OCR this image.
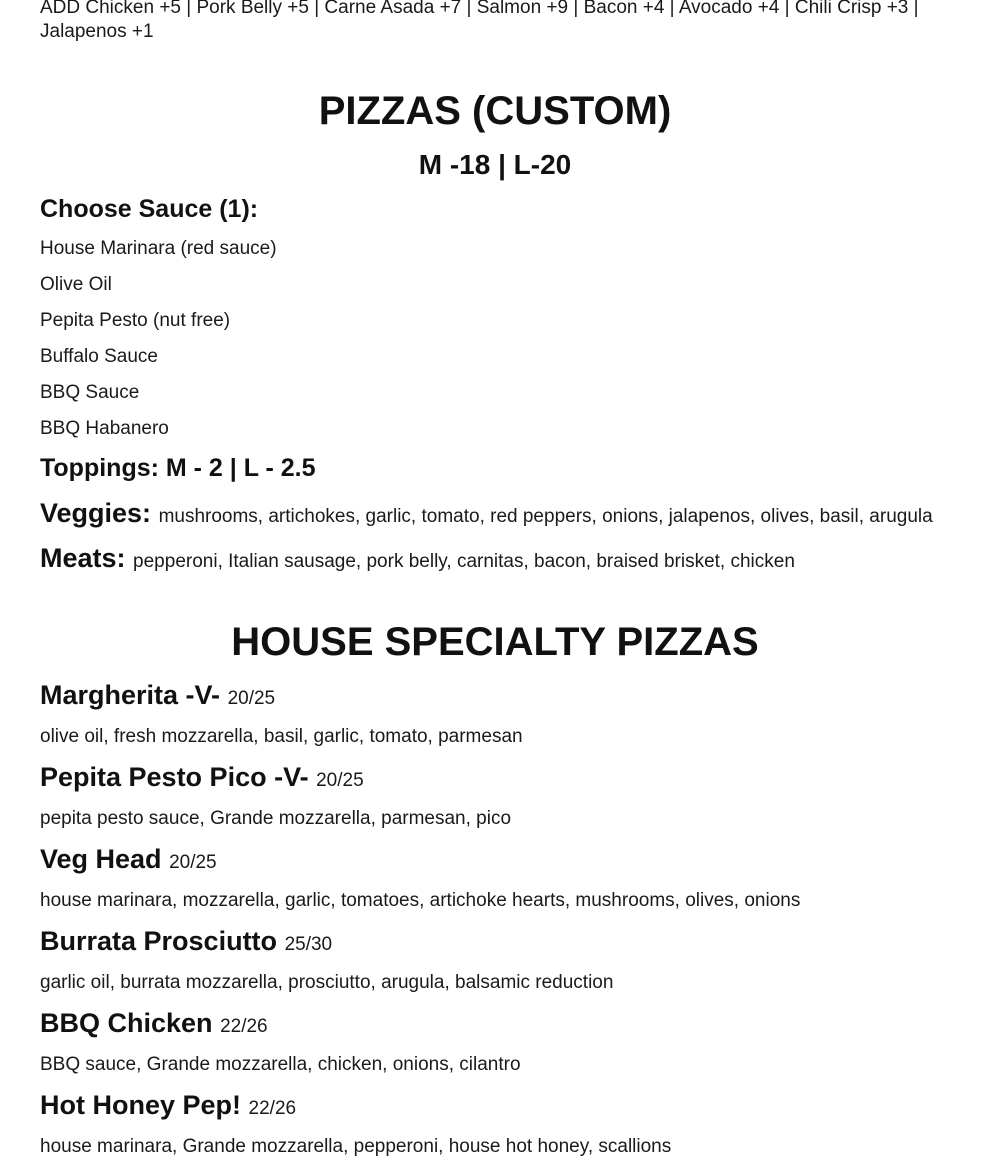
ADD Chicken +5 | Pork Belly +5 | Carne Asada +7 | Salmon +9 | Bacon +4 | Avocado +4 | Chili Crisp +3 | Jalapenos +1
PIZZAS (CUSTOM)
M -18 | L-20
Choose Sauce (1):
House Marinara (red sauce)
Olive Oil
Pepita Pesto (nut free)
Buffalo Sauce
BBQ Sauce
BBQ Habanero
Toppings: M - 2 | L - 2.5
Veggies: mushrooms, artichokes, garlic, tomato, red peppers, onions, jalapenos, olives, basil, arugula
Meats: pepperoni, Italian sausage, pork belly, carnitas, bacon, braised brisket, chicken
HOUSE SPECIALTY PIZZAS
Margherita -V- 20/25
olive oil, fresh mozzarella, basil, garlic, tomato, parmesan
Pepita Pesto Pico -V- 20/25
pepita pesto sauce, Grande mozzarella, parmesan, pico
Veg Head 20/25
house marinara, mozzarella, garlic, tomatoes, artichoke hearts, mushrooms, olives, onions
Burrata Prosciutto 25/30
garlic oil, burrata mozzarella, prosciutto, arugula, balsamic reduction
BBQ Chicken 22/26
BBQ sauce, Grande mozzarella, chicken, onions, cilantro
Hot Honey Pep! 22/26
house marinara, Grande mozzarella, pepperoni, house hot honey, scallions
